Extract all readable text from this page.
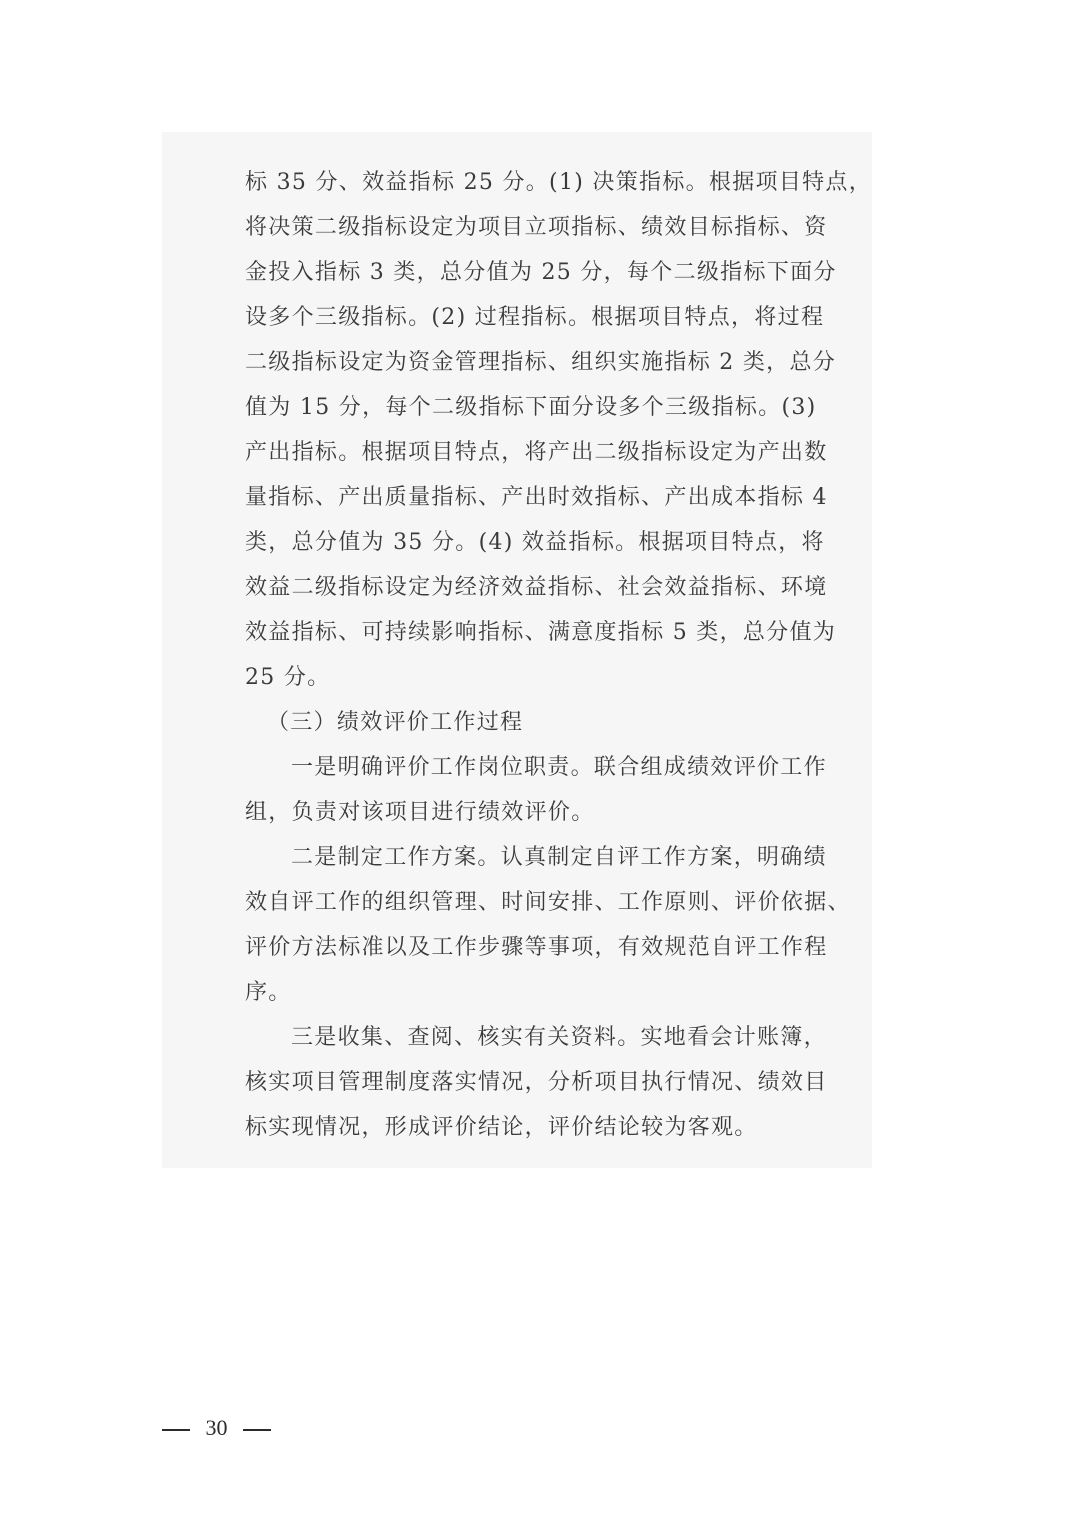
标 35 分、效益指标 25 分。(1) 决策指标。根据项目特点，
将决策二级指标设定为项目立项指标、绩效目标指标、资
金投入指标 3 类，总分值为 25 分，每个二级指标下面分
设多个三级指标。(2) 过程指标。根据项目特点，将过程
二级指标设定为资金管理指标、组织实施指标 2 类，总分
值为 15 分，每个二级指标下面分设多个三级指标。(3)
产出指标。根据项目特点，将产出二级指标设定为产出数
量指标、产出质量指标、产出时效指标、产出成本指标 4
类，总分值为 35 分。(4) 效益指标。根据项目特点，将
效益二级指标设定为经济效益指标、社会效益指标、环境
效益指标、可持续影响指标、满意度指标 5 类，总分值为
25 分。
（三）绩效评价工作过程
一是明确评价工作岗位职责。联合组成绩效评价工作
组，负责对该项目进行绩效评价。
二是制定工作方案。认真制定自评工作方案，明确绩
效自评工作的组织管理、时间安排、工作原则、评价依据、
评价方法标准以及工作步骤等事项，有效规范自评工作程
序。
三是收集、查阅、核实有关资料。实地看会计账簿，
核实项目管理制度落实情况，分析项目执行情况、绩效目
标实现情况，形成评价结论，评价结论较为客观。
30
